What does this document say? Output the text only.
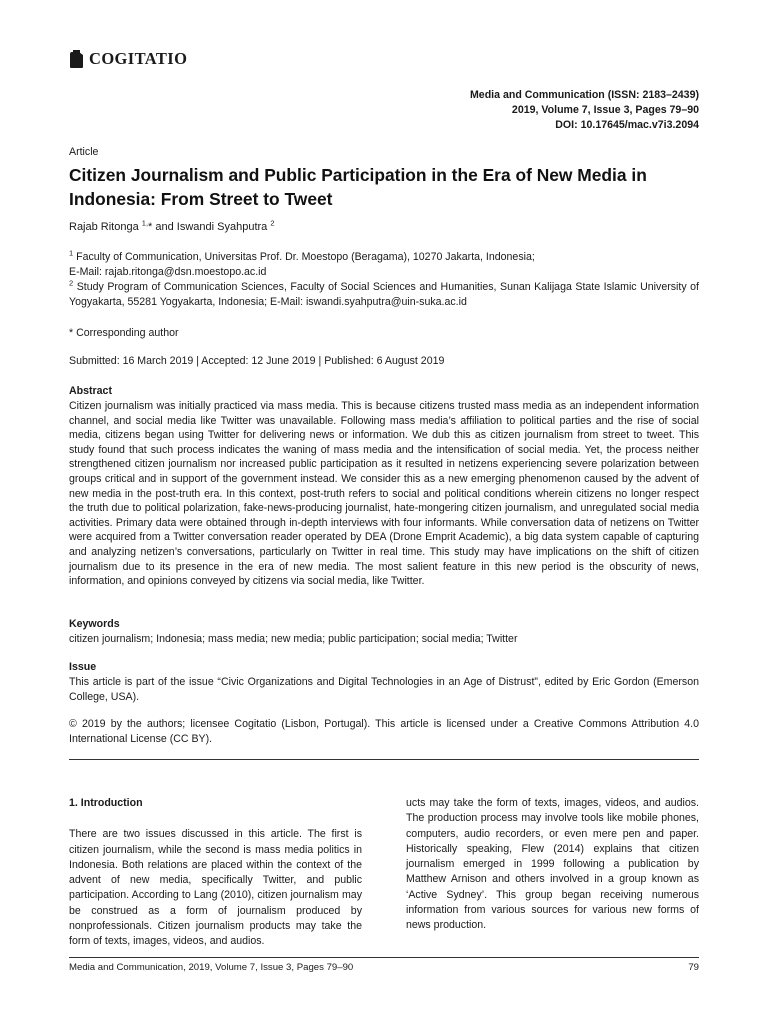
COGITATIO
Media and Communication (ISSN: 2183–2439)
2019, Volume 7, Issue 3, Pages 79–90
DOI: 10.17645/mac.v7i3.2094
Article
Citizen Journalism and Public Participation in the Era of New Media in Indonesia: From Street to Tweet
Rajab Ritonga $^{1,}$* and Iswandi Syahputra $^2$
$^1$ Faculty of Communication, Universitas Prof. Dr. Moestopo (Beragama), 10270 Jakarta, Indonesia;
E-Mail: rajab.ritonga@dsn.moestopo.ac.id
$^2$ Study Program of Communication Sciences, Faculty of Social Sciences and Humanities, Sunan Kalijaga State Islamic University of Yogyakarta, 55281 Yogyakarta, Indonesia; E-Mail: iswandi.syahputra@uin-suka.ac.id
* Corresponding author
Submitted: 16 March 2019 | Accepted: 12 June 2019 | Published: 6 August 2019
Abstract

Citizen journalism was initially practiced via mass media. This is because citizens trusted mass media as an independent information channel, and social media like Twitter was unavailable. Following mass media’s affiliation to political parties and the rise of social media, citizens began using Twitter for delivering news or information. We dub this as citizen journalism from street to tweet. This study found that such process indicates the waning of mass media and the intensification of social media. Yet, the process neither strengthened citizen journalism nor increased public participation as it resulted in netizens experiencing severe polarization between groups critical and in support of the government instead. We consider this as a new emerging phenomenon caused by the advent of new media in the post-truth era. In this context, post-truth refers to social and political conditions wherein citizens no longer respect the truth due to political polarization, fake-news-producing journalist, hate-mongering citizen journalism, and unregulated social media activities. Primary data were obtained through in-depth interviews with four informants. While conversation data of netizens on Twitter were acquired from a Twitter conversation reader operated by DEA (Drone Emprit Academic), a big data system capable of capturing and analyzing netizen’s conversations, particularly on Twitter in real time. This study may have implications on the shift of citizen journalism due to its presence in the era of new media. The most salient feature in this new period is the obscurity of news, information, and opinions conveyed by citizens via social media, like Twitter.

Keywords

citizen journalism; Indonesia; mass media; new media; public participation; social media; Twitter

Issue

This article is part of the issue “Civic Organizations and Digital Technologies in an Age of Distrust”, edited by Eric Gordon (Emerson College, USA).

© 2019 by the authors; licensee Cogitatio (Lisbon, Portugal). This article is licensed under a Creative Commons Attribution 4.0 International License (CC BY).

1. Introduction

There are two issues discussed in this article. The first is citizen journalism, while the second is mass media politics in Indonesia. Both relations are placed within the context of the advent of new media, specifically Twitter, and public participation. According to Lang (2010), citizen journalism may be construed as a form of journalism produced by nonprofessionals. Citizen journalism products may take the form of texts, images, videos, and audios.

ucts may take the form of texts, images, videos, and audios. The production process may involve tools like mobile phones, computers, audio recorders, or even mere pen and paper. Historically speaking, Flew (2014) explains that citizen journalism emerged in 1999 following a publication by Matthew Arnison and others involved in a group known as ‘Active Sydney’. This group began receiving numerous information from various sources for various new forms of news production.

Media and Communication, 2019, Volume 7, Issue 3, Pages 79–90	79
